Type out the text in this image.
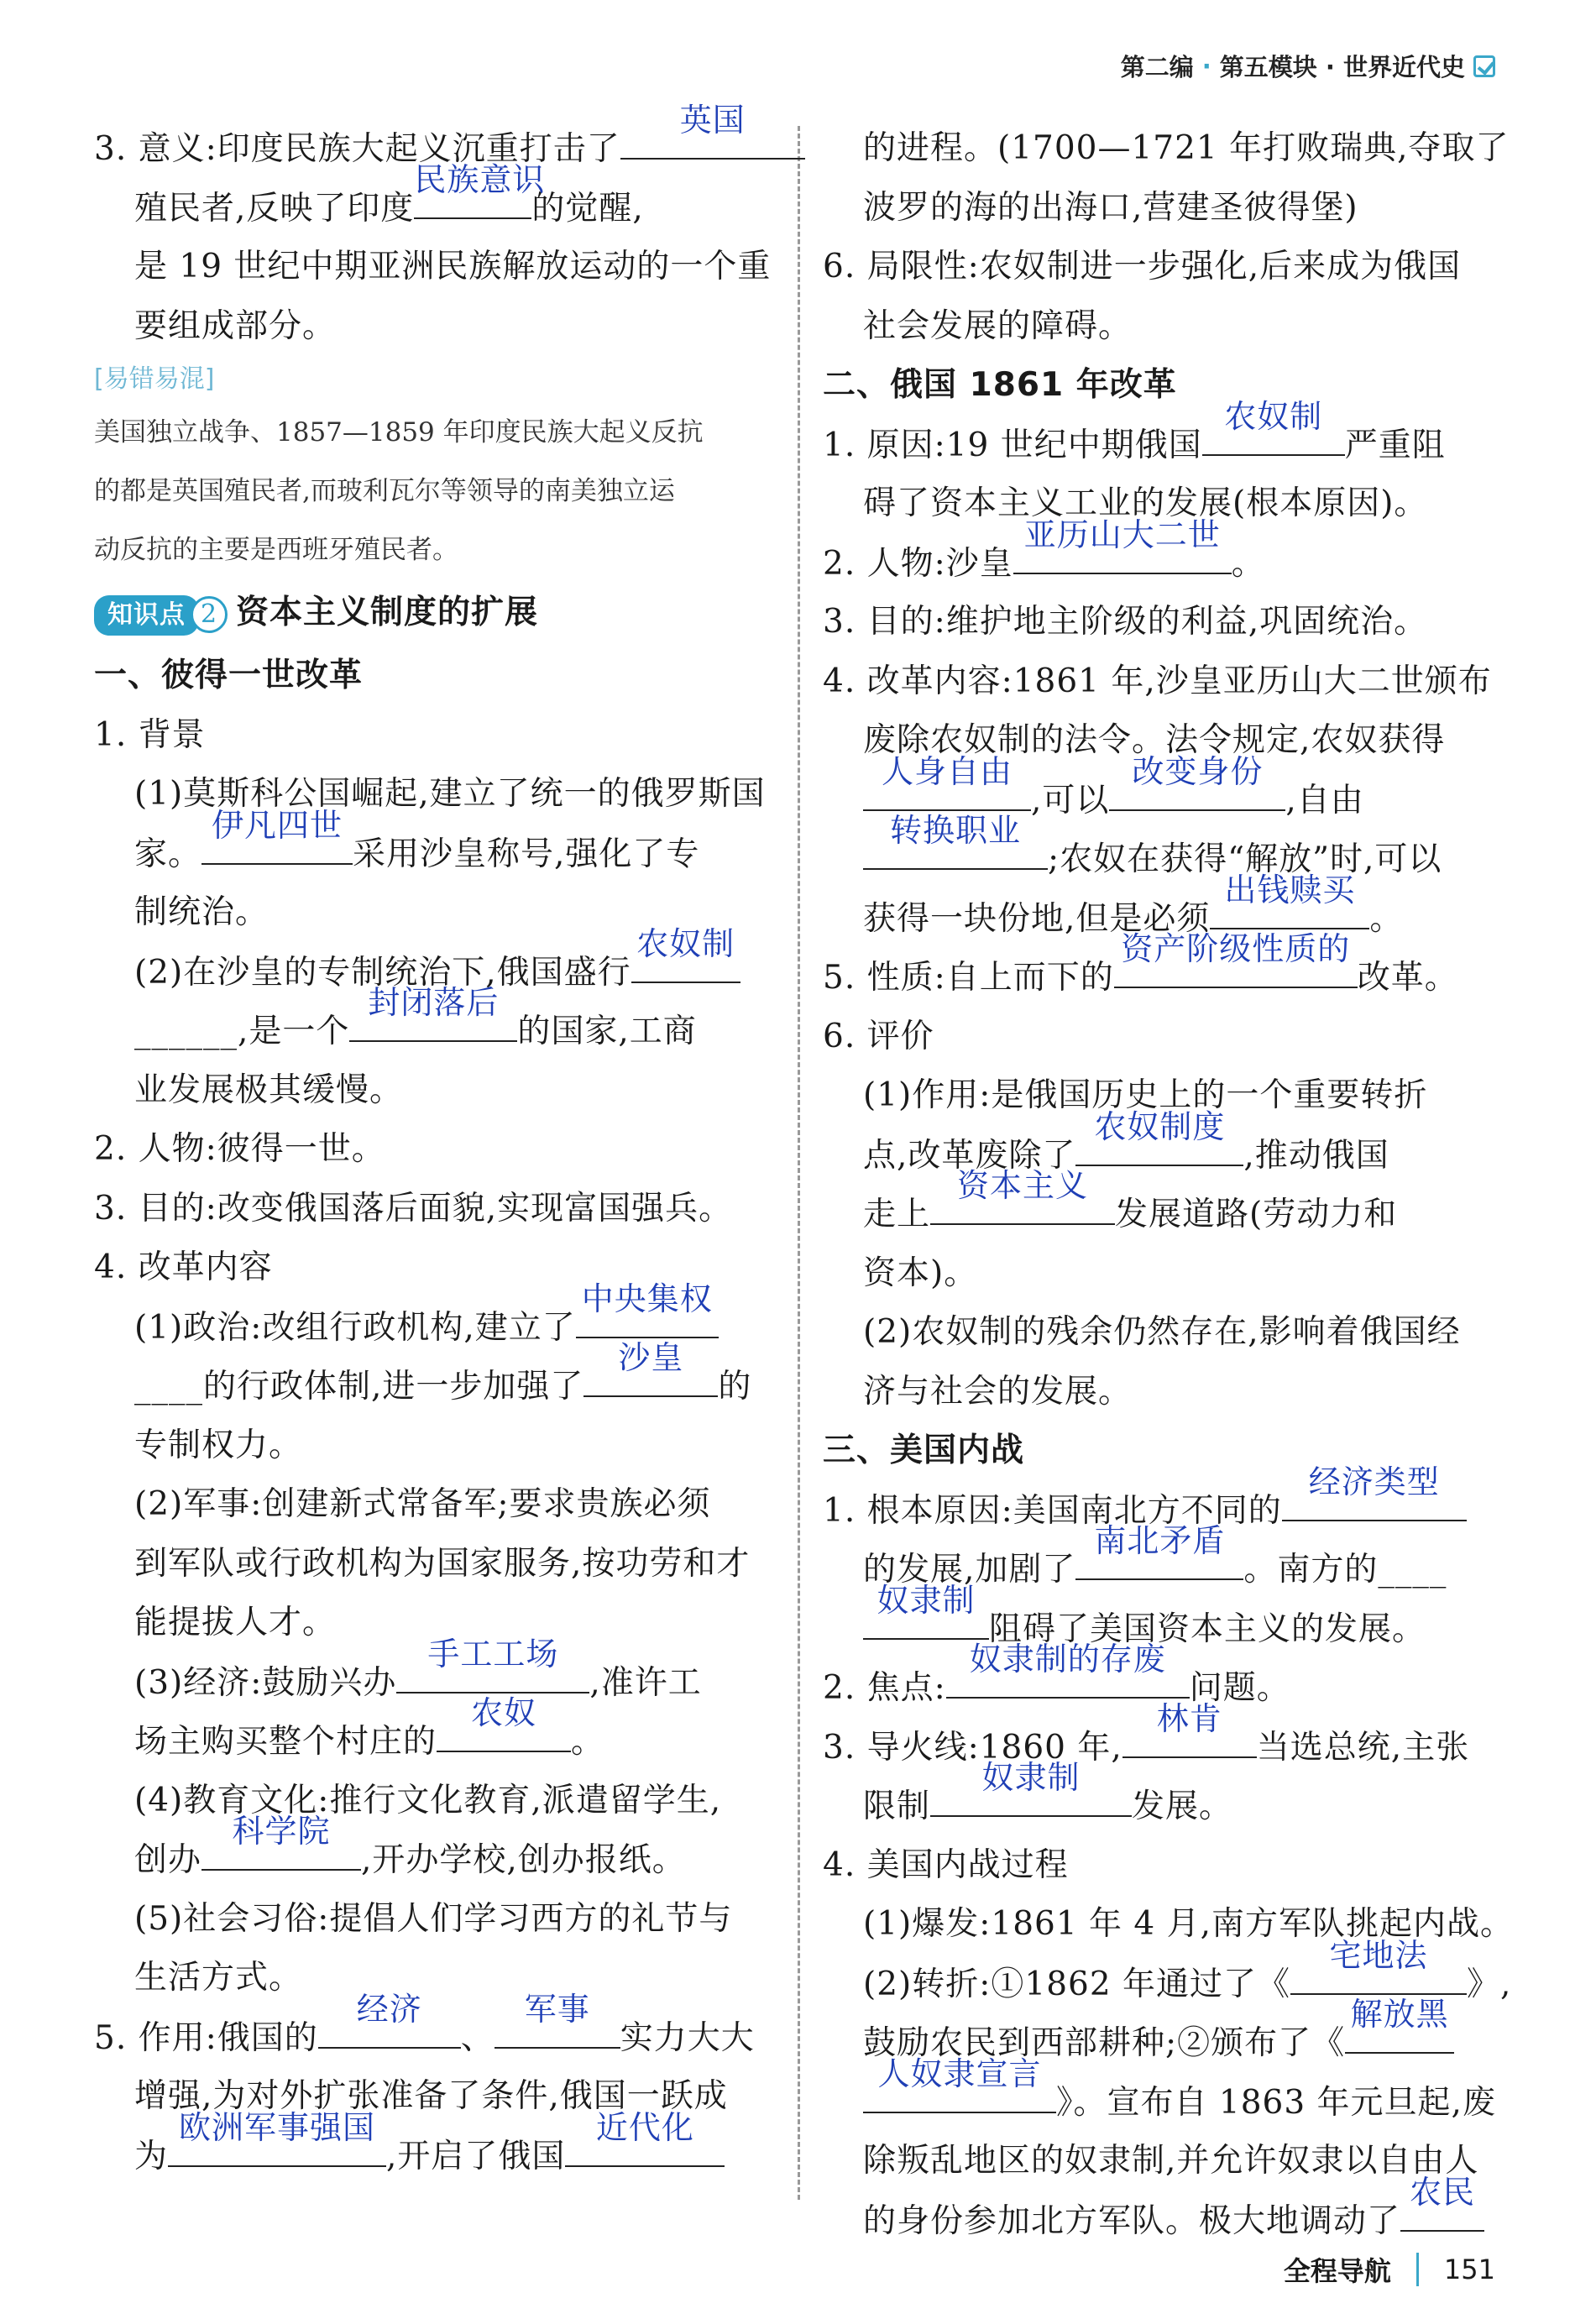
第二编 · 第五模块 · 世界近代史
3. 意义:印度民族大起义沉重打击了
英国
殖民者,反映了印度
民族意识
的觉醒,
是 19 世纪中期亚洲民族解放运动的一个重
要组成部分。
[易错易混]
美国独立战争、1857—1859 年印度民族大起义反抗
的都是英国殖民者,而玻利瓦尔等领导的南美独立运
动反抗的主要是西班牙殖民者。
知识点 2 资本主义制度的扩展
一、彼得一世改革
1. 背景
(1)莫斯科公国崛起,建立了统一的俄罗斯国
家。
伊凡四世
采用沙皇称号,强化了专
制统治。
(2)在沙皇的专制统治下,俄国盛行
农奴制
______,是一个
封闭落后
的国家,工商
业发展极其缓慢。
2. 人物:彼得一世。
3. 目的:改变俄国落后面貌,实现富国强兵。
4. 改革内容
(1)政治:改组行政机构,建立了
中央集权
____的行政体制,进一步加强了
沙皇
的
专制权力。
(2)军事:创建新式常备军;要求贵族必须
到军队或行政机构为国家服务,按功劳和才
能提拔人才。
(3)经济:鼓励兴办
手工工场
,准许工
场主购买整个村庄的
农奴
。
(4)教育文化:推行文化教育,派遣留学生,
创办
科学院
,开办学校,创办报纸。
(5)社会习俗:提倡人们学习西方的礼节与
生活方式。
5. 作用:俄国的
经济
、
军事
实力大大
增强,为对外扩张准备了条件,俄国一跃成
为
欧洲军事强国
,开启了俄国
近代化
的进程。(1700—1721 年打败瑞典,夺取了
波罗的海的出海口,营建圣彼得堡)
6. 局限性:农奴制进一步强化,后来成为俄国
社会发展的障碍。
二、俄国 1861 年改革
1. 原因:19 世纪中期俄国
农奴制
严重阻
碍了资本主义工业的发展(根本原因)。
2. 人物:沙皇
亚历山大二世
。
3. 目的:维护地主阶级的利益,巩固统治。
4. 改革内容:1861 年,沙皇亚历山大二世颁布
废除农奴制的法令。法令规定,农奴获得
人身自由
,可以
改变身份
,自由
转换职业
;农奴在获得“解放”时,可以
获得一块份地,但是必须
出钱赎买
。
5. 性质:自上而下的
资产阶级性质的
改革。
6. 评价
(1)作用:是俄国历史上的一个重要转折
点,改革废除了
农奴制度
,推动俄国
走上
资本主义
发展道路(劳动力和
资本)。
(2)农奴制的残余仍然存在,影响着俄国经
济与社会的发展。
三、美国内战
1. 根本原因:美国南北方不同的
经济类型
的发展,加剧了
南北矛盾
。南方的____
奴隶制
阻碍了美国资本主义的发展。
2. 焦点:
奴隶制的存废
问题。
3. 导火线:1860 年,
林肯
当选总统,主张
限制
奴隶制
发展。
4. 美国内战过程
(1)爆发:1861 年 4 月,南方军队挑起内战。
(2)转折:①1862 年通过了《
宅地法
》,
鼓励农民到西部耕种;②颁布了《
解放黑
人奴隶宣言
》。宣布自 1863 年元旦起,废
除叛乱地区的奴隶制,并允许奴隶以自由人
的身份参加北方军队。极大地调动了
农民
全程导航 151
